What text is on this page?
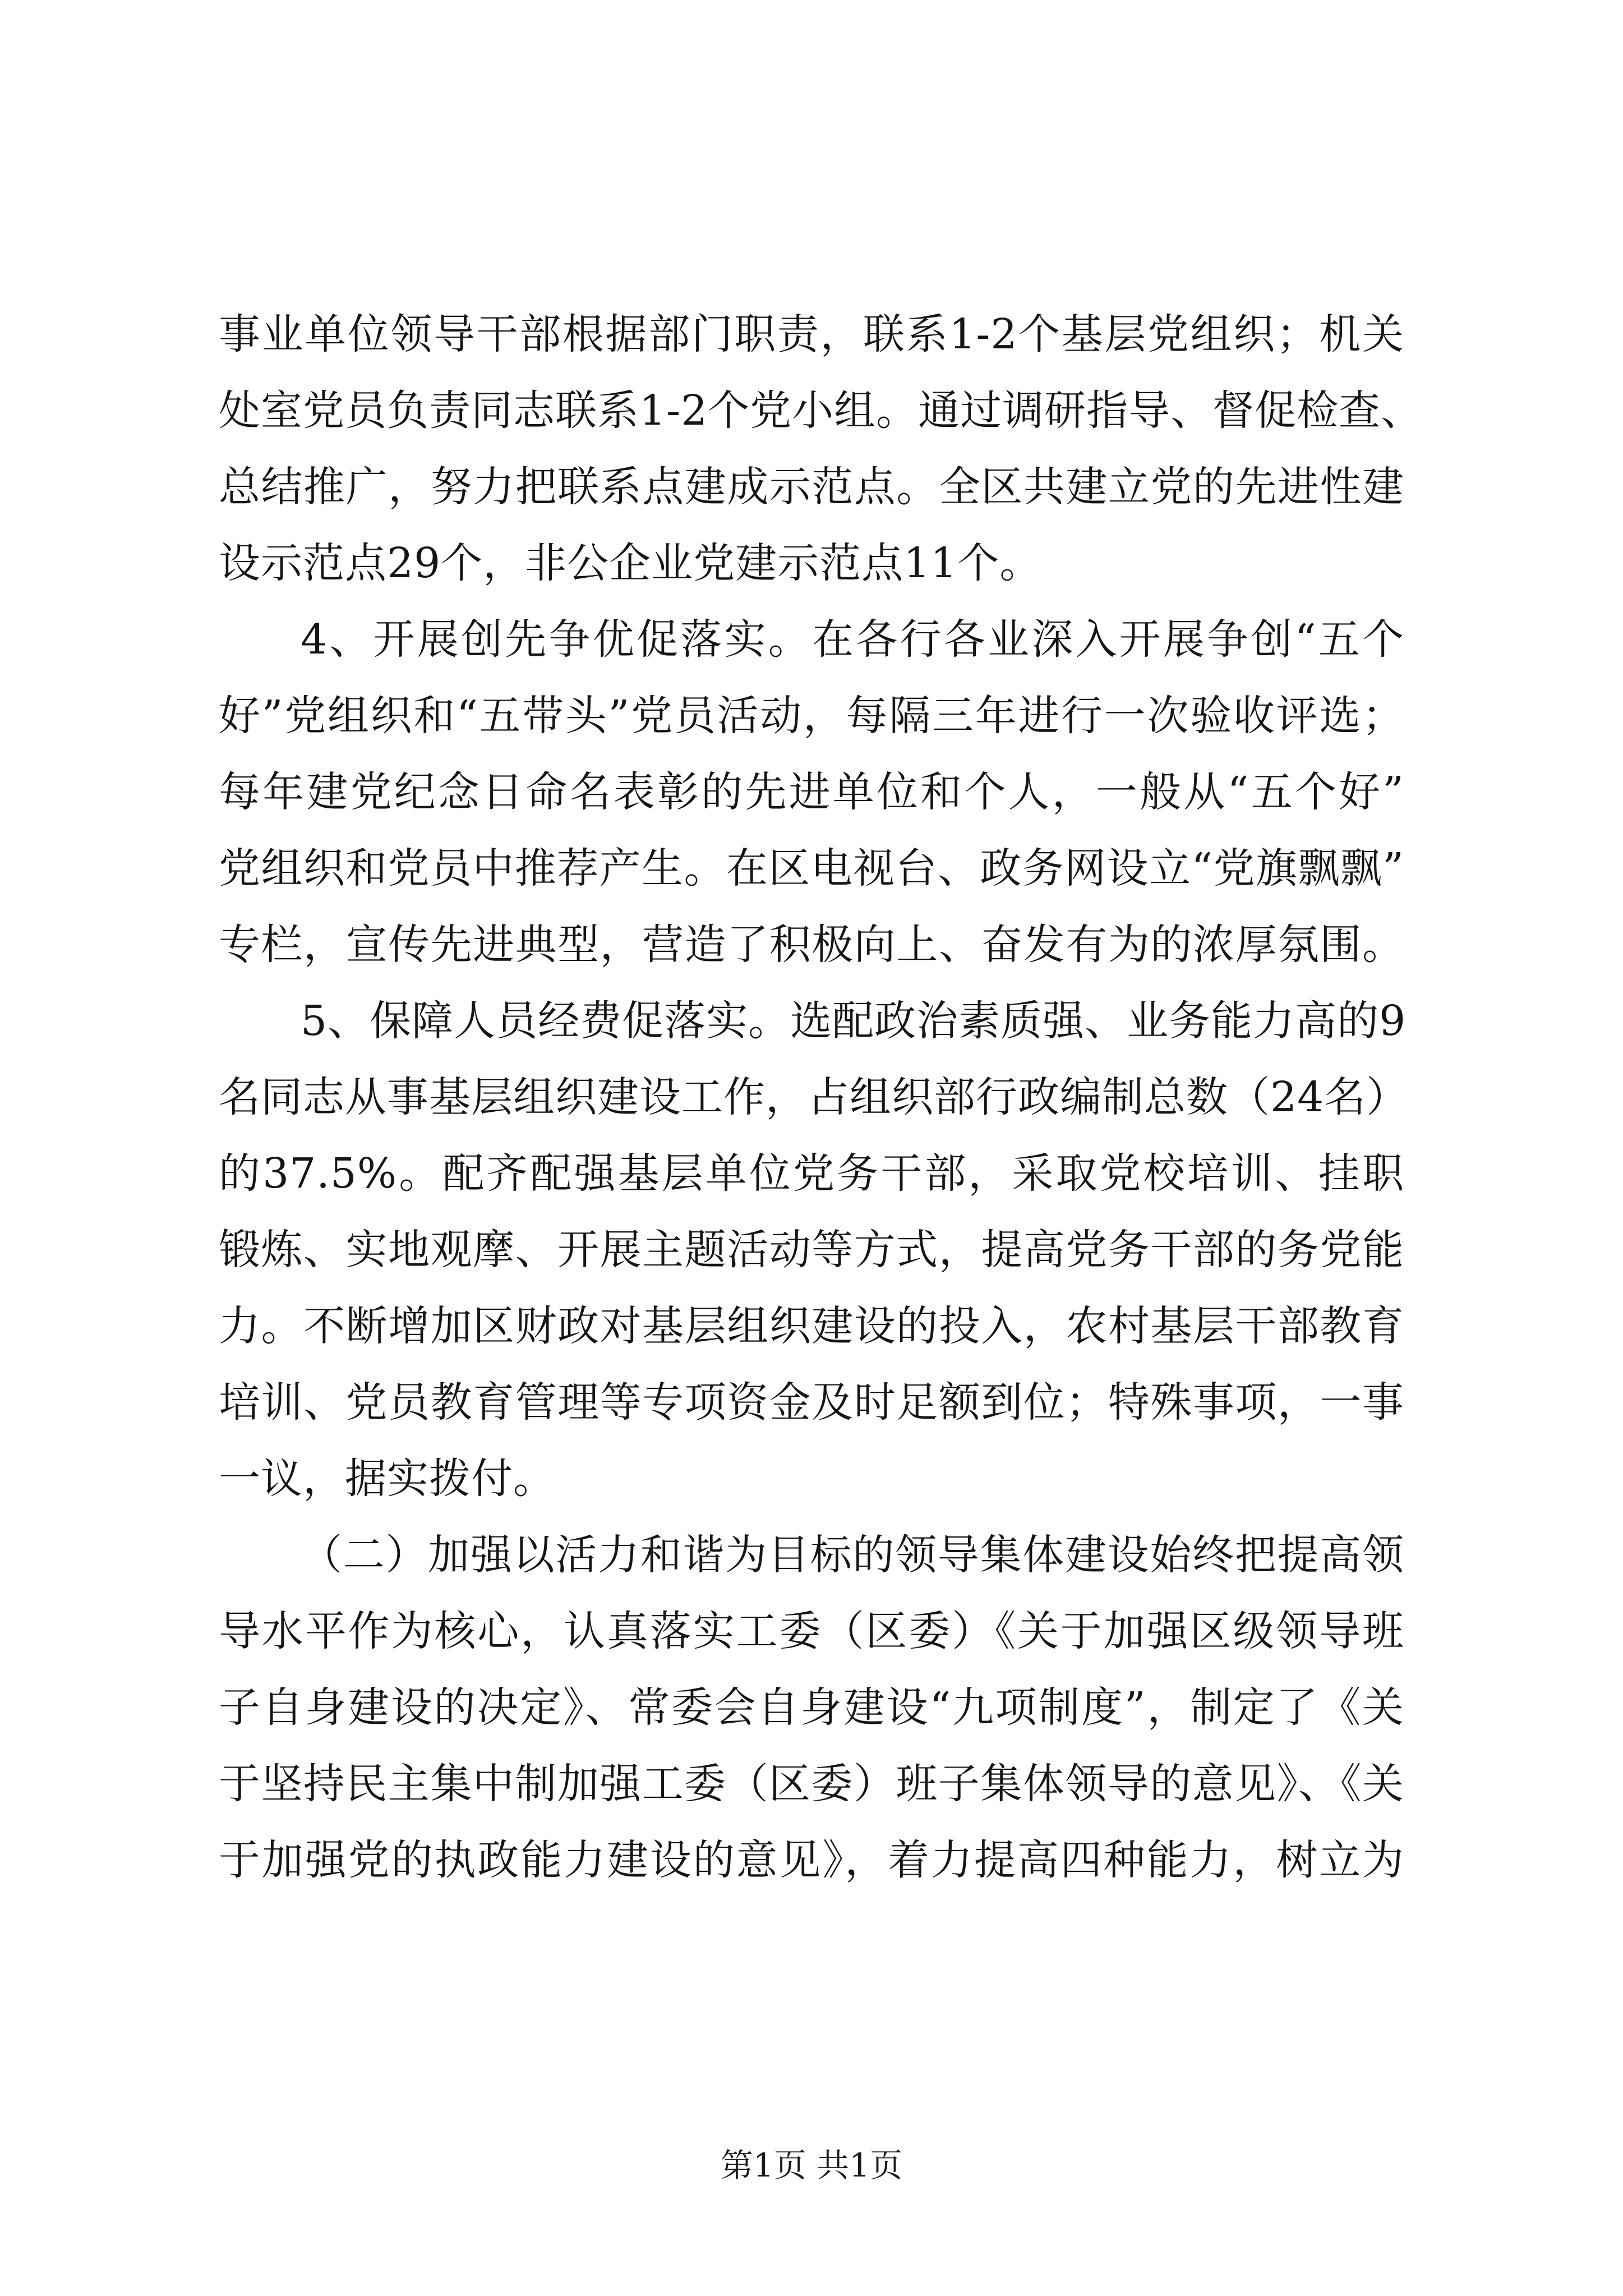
事业单位领导干部根据部门职责，联系1-2个基层党组织；机关
处室党员负责同志联系1-2个党小组。通过调研指导、督促检查、
总结推广，努力把联系点建成示范点。全区共建立党的先进性建
设示范点29个，非公企业党建示范点11个。
4、开展创先争优促落实。在各行各业深入开展争创“五个
好”党组织和“五带头”党员活动，每隔三年进行一次验收评选；
每年建党纪念日命名表彰的先进单位和个人，一般从“五个好”
党组织和党员中推荐产生。在区电视台、政务网设立“党旗飘飘”
专栏，宣传先进典型，营造了积极向上、奋发有为的浓厚氛围。
5、保障人员经费促落实。选配政治素质强、业务能力高的9
名同志从事基层组织建设工作，占组织部行政编制总数（24名）
的37.5%。配齐配强基层单位党务干部，采取党校培训、挂职
锻炼、实地观摩、开展主题活动等方式，提高党务干部的务党能
力。不断增加区财政对基层组织建设的投入，农村基层干部教育
培训、党员教育管理等专项资金及时足额到位；特殊事项，一事
一议，据实拨付。
（二）加强以活力和谐为目标的领导集体建设始终把提高领
导水平作为核心，认真落实工委（区委）《关于加强区级领导班
子自身建设的决定》、常委会自身建设“九项制度”，制定了《关
于坚持民主集中制加强工委（区委）班子集体领导的意见》、《关
于加强党的执政能力建设的意见》，着力提高四种能力，树立为
第1页 共1页
